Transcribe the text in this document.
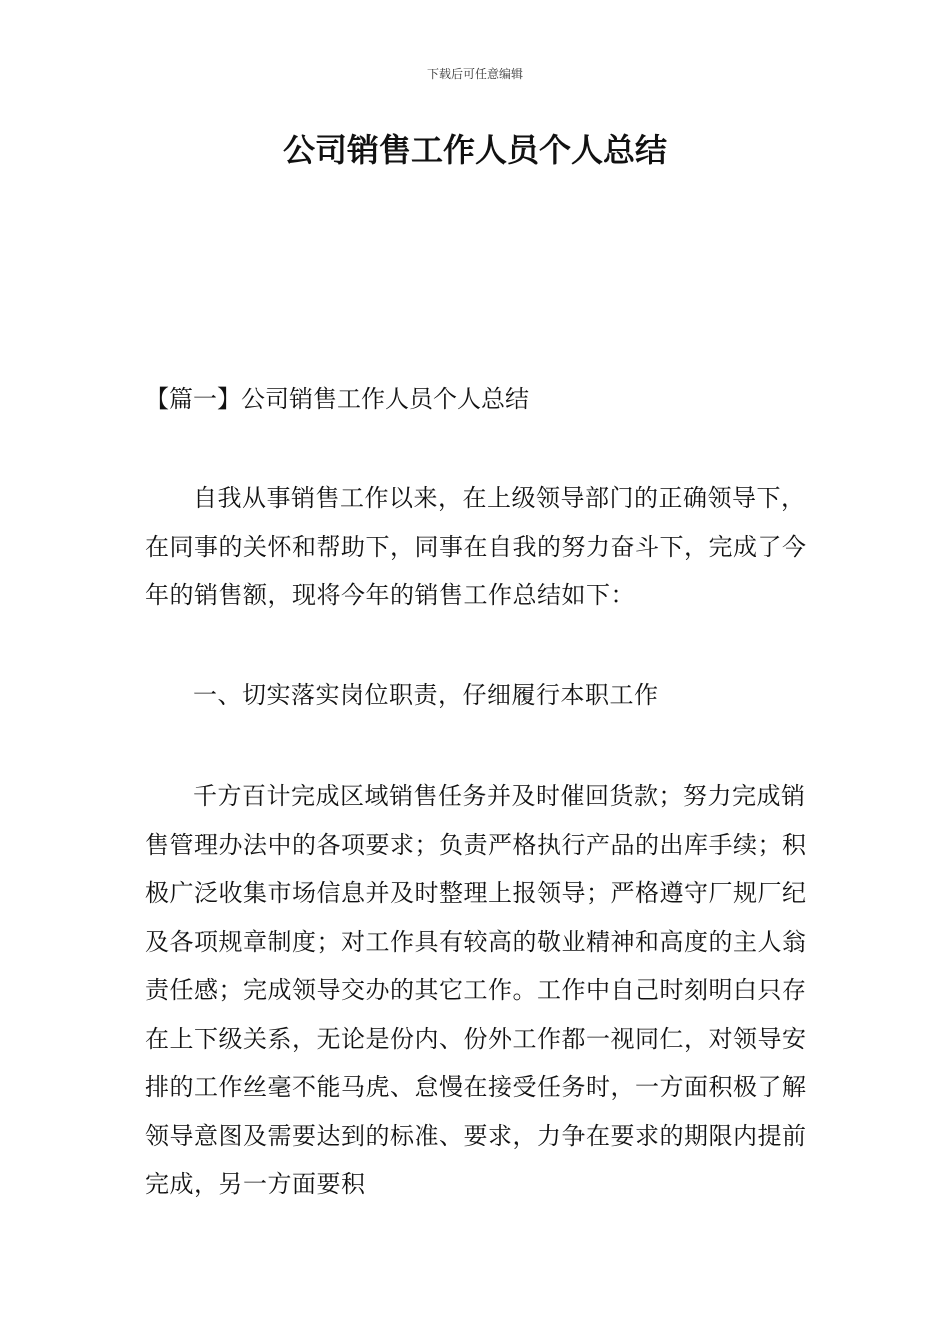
下载后可任意编辑
公司销售工作人员个人总结
【篇一】公司销售工作人员个人总结

自我从事销售工作以来，在上级领导部门的正确领导下，在同事的关怀和帮助下，同事在自我的努力奋斗下，完成了今年的销售额，现将今年的销售工作总结如下：

一、切实落实岗位职责，仔细履行本职工作

千方百计完成区域销售任务并及时催回货款；努力完成销售管理办法中的各项要求；负责严格执行产品的出库手续；积极广泛收集市场信息并及时整理上报领导；严格遵守厂规厂纪及各项规章制度；对工作具有较高的敬业精神和高度的主人翁责任感；完成领导交办的其它工作。工作中自己时刻明白只存在上下级关系，无论是份内、份外工作都一视同仁，对领导安排的工作丝毫不能马虎、怠慢在接受任务时，一方面积极了解领导意图及需要达到的标准、要求，力争在要求的期限内提前完成，另一方面要积
